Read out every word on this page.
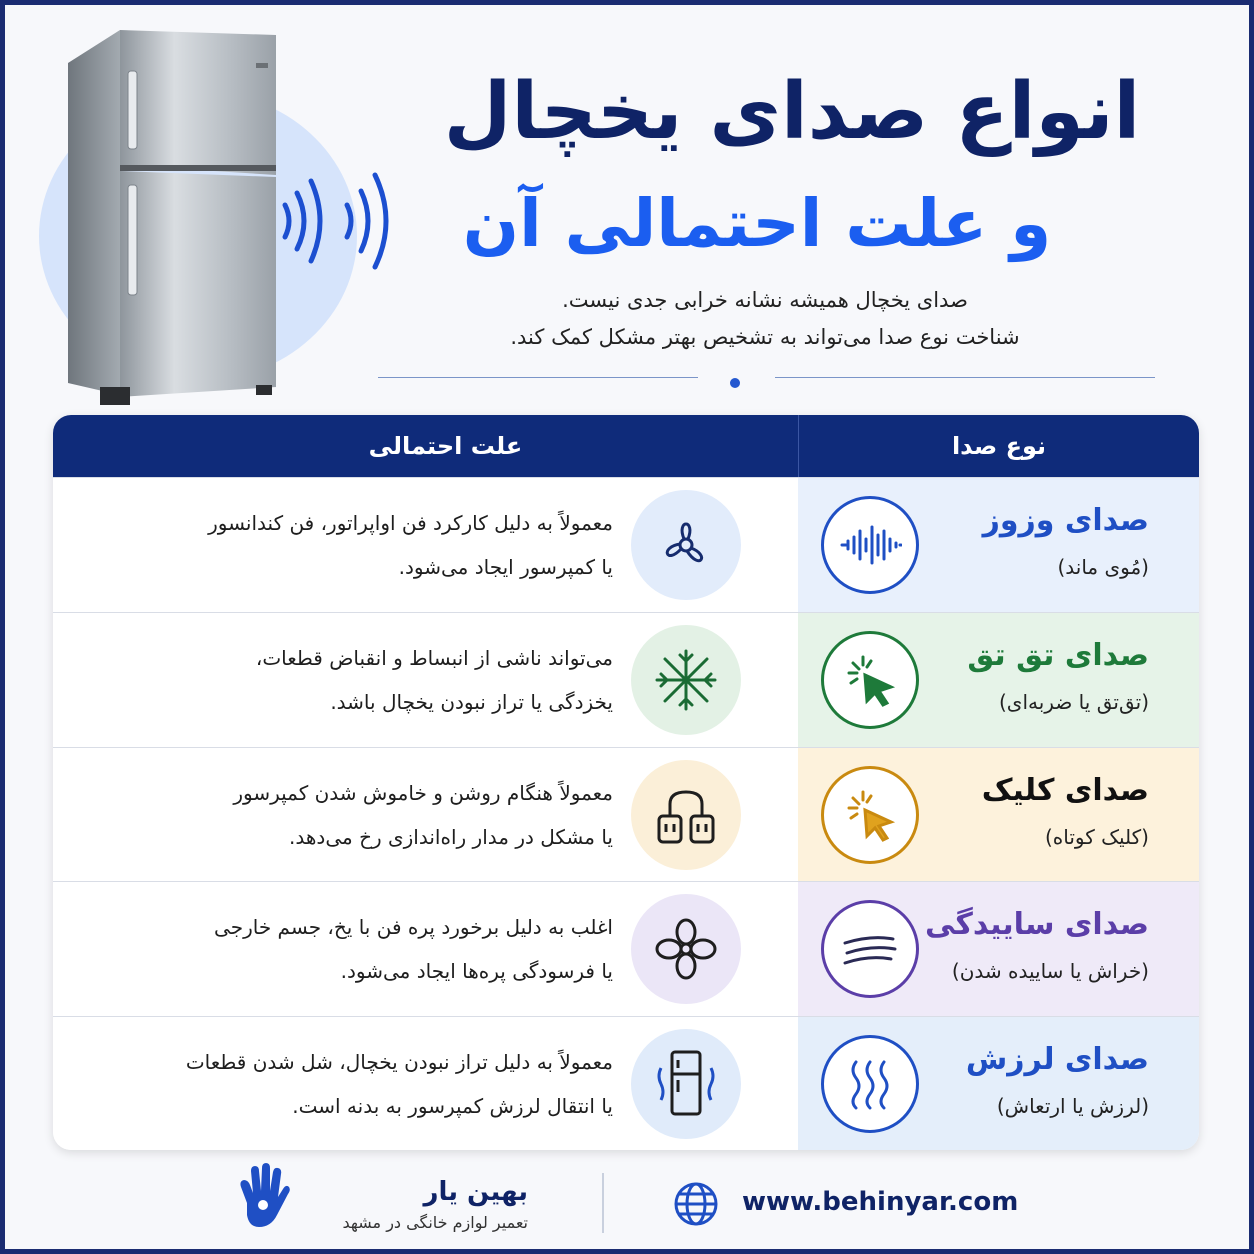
انواع صدای یخچال
و علت احتمالی آن
صدای یخچال همیشه نشانه خرابی جدی نیست.
شناخت نوع صدا می‌تواند به تشخیص بهتر مشکل کمک کند.
علت احتمالی	نوع صدا
معمولاً به دلیل کارکرد فن اواپراتور، فن کندانسور
یا کمپرسور ایجاد می‌شود.
صدای وزوز
(مُوی ماند)
می‌تواند ناشی از انبساط و انقباض قطعات،
یخزدگی یا تراز نبودن یخچال باشد.
صدای تق تق
(تق‌تق یا ضربه‌ای)
معمولاً هنگام روشن و خاموش شدن کمپرسور
یا مشکل در مدار راه‌اندازی رخ می‌دهد.
صدای کلیک
(کلیک کوتاه)
اغلب به دلیل برخورد پره فن با یخ، جسم خارجی
یا فرسودگی پره‌ها ایجاد می‌شود.
صدای ساییدگی
(خراش یا ساییده شدن)
معمولاً به دلیل تراز نبودن یخچال، شل شدن قطعات
یا انتقال لرزش کمپرسور به بدنه است.
صدای لرزش
(لرزش یا ارتعاش)
بهین یار
تعمیر لوازم خانگی در مشهد
www.behinyar.com
